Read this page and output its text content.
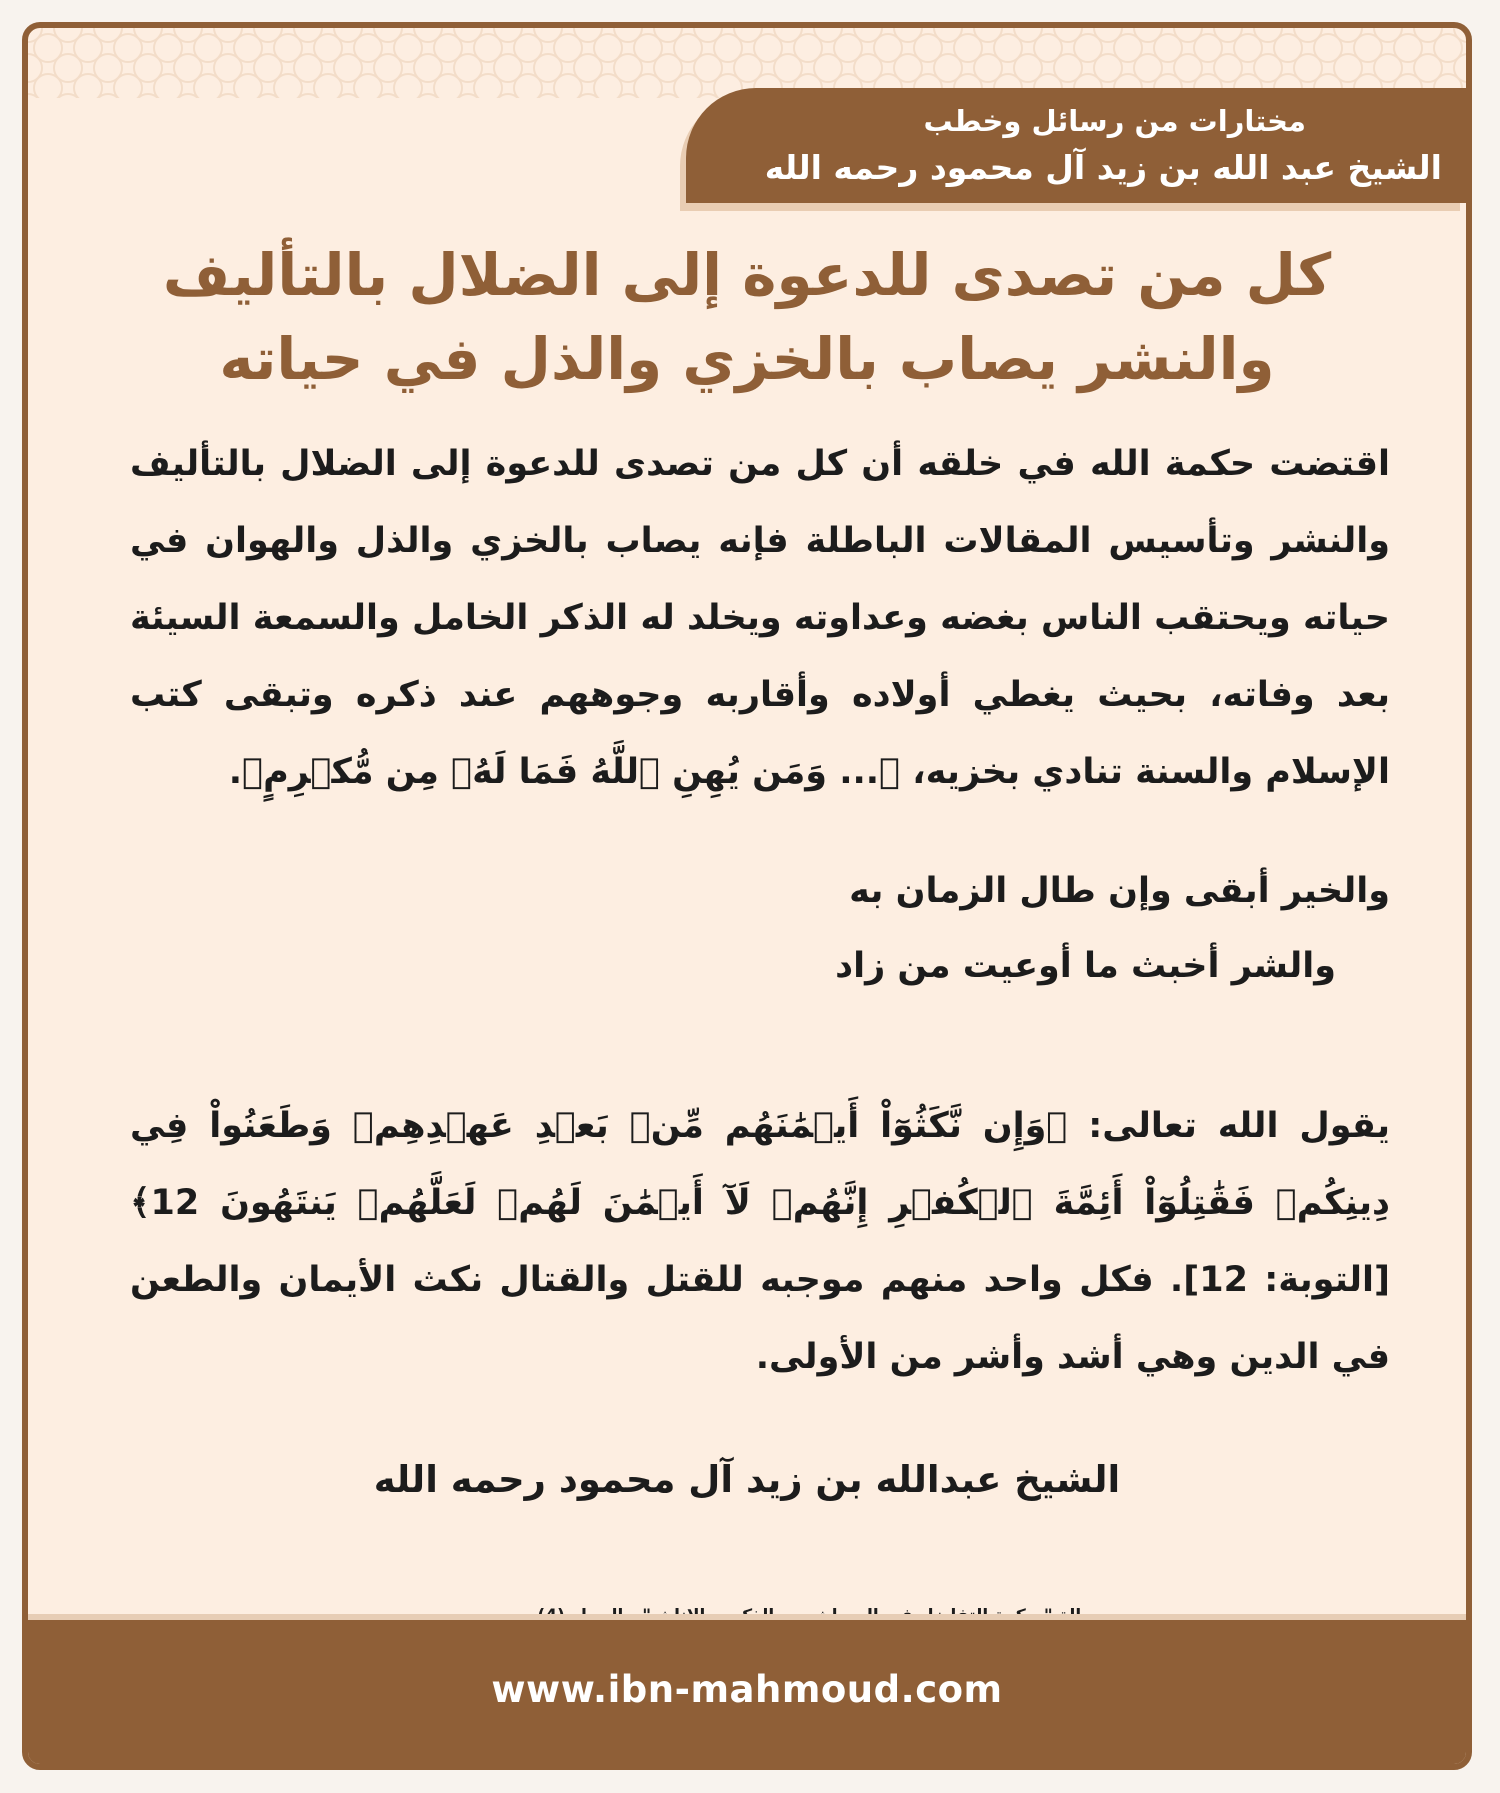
مختارات من رسائل وخطب
الشيخ عبد الله بن زيد آل محمود رحمه الله
كل من تصدى للدعوة إلى الضلال بالتأليف
والنشر يصاب بالخزي والذل في حياته
اقتضت حكمة الله في خلقه أن كل من تصدى للدعوة إلى الضلال بالتأليف والنشر وتأسيس المقالات الباطلة فإنه يصاب بالخزي والذل والهوان في حياته ويحتقب الناس بغضه وعداوته ويخلد له الذكر الخامل والسمعة السيئة بعد وفاته، بحيث يغطي أولاده وأقاربه وجوههم عند ذكره وتبقى كتب الإسلام والسنة تنادي بخزيه، ﴿... وَمَن يُهِنِ ٱللَّهُ فَمَا لَهُۥ مِن مُّكۡرِمٍ﴾.
والخير أبقى وإن طال الزمان به
والشر أخبث ما أوعيت من زاد
يقول الله تعالى: ﴿وَإِن نَّكَثُوٓاْ أَيۡمَٰنَهُم مِّنۢ بَعۡدِ عَهۡدِهِمۡ وَطَعَنُواْ فِي دِينِكُمۡ فَقَٰتِلُوٓاْ أَئِمَّةَ ٱلۡكُفۡرِ إِنَّهُمۡ لَآ أَيۡمَٰنَ لَهُمۡ لَعَلَّهُمۡ يَنتَهُونَ 12﴾ [التوبة: 12]. فكل واحد منهم موجبه للقتل والقتال نكث الأيمان والطعن في الدين وهي أشد وأشر من الأولى.
الشيخ عبدالله بن زيد آل محمود رحمه الله
www.ibn-mahmoud.com
